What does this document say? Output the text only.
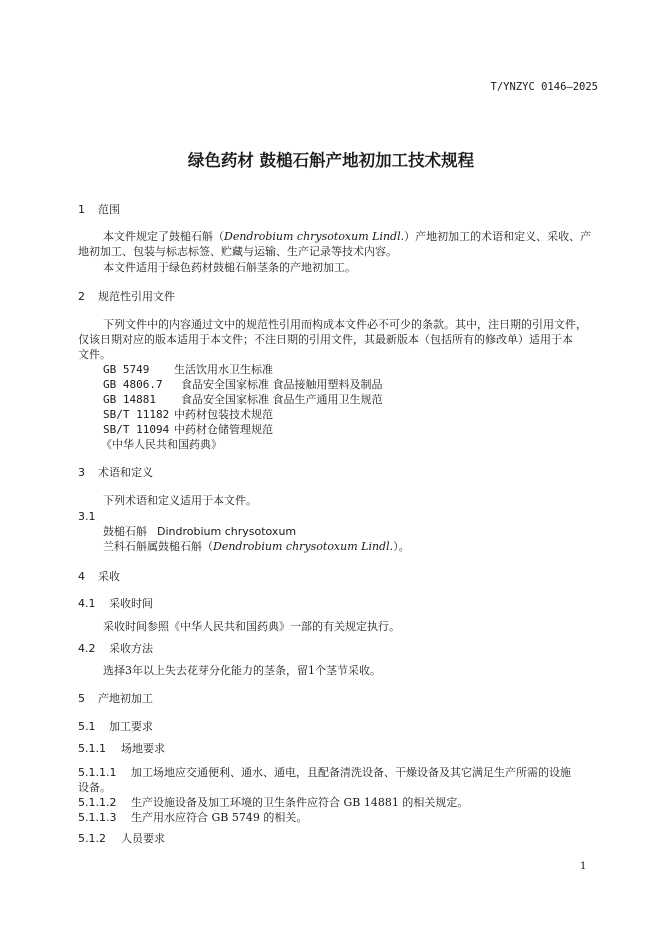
T/YNZYC 0146—2025
绿色药材 鼓槌石斛产地初加工技术规程
1 范围
本文件规定了鼓槌石斛（Dendrobium chrysotoxum Lindl.）产地初加工的术语和定义、采收、产
地初加工、包装与标志标签、贮藏与运输、生产记录等技术内容。
本文件适用于绿色药材鼓槌石斛茎条的产地初加工。
2 规范性引用文件
下列文件中的内容通过文中的规范性引用而构成本文件必不可少的条款。其中，注日期的引用文件，
仅该日期对应的版本适用于本文件；不注日期的引用文件，其最新版本（包括所有的修改单）适用于本
文件。
GB 5749 生活饮用水卫生标准
GB 4806.7 食品安全国家标准 食品接触用塑料及制品
GB 14881 食品安全国家标准 食品生产通用卫生规范
SB/T 11182 中药材包装技术规范
SB/T 11094 中药材仓储管理规范
《中华人民共和国药典》
3 术语和定义
下列术语和定义适用于本文件。
3.1
鼓槌石斛 Dindrobium chrysotoxum
兰科石斛属鼓槌石斛（Dendrobium chrysotoxum Lindl.）。
4 采收
4.1 采收时间
采收时间参照《中华人民共和国药典》一部的有关规定执行。
4.2 采收方法
选择3年以上失去花芽分化能力的茎条，留1个茎节采收。
5 产地初加工
5.1 加工要求
5.1.1 场地要求
5.1.1.1 加工场地应交通便利、通水、通电，且配备清洗设备、干燥设备及其它满足生产所需的设施
设备。
5.1.1.2 生产设施设备及加工环境的卫生条件应符合 GB 14881 的相关规定。
5.1.1.3 生产用水应符合 GB 5749 的相关。
5.1.2 人员要求
1
